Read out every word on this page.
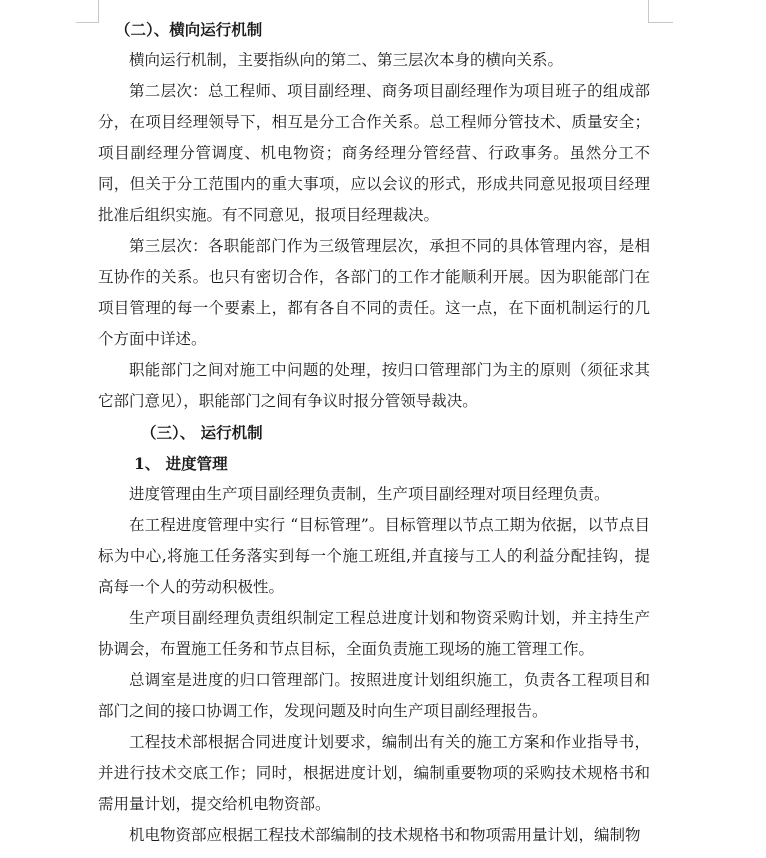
（二）、横向运行机制

横向运行机制，主要指纵向的第二、第三层次本身的横向关系。

第二层次：总工程师、项目副经理、商务项目副经理作为项目班子的组成部分，在项目经理领导下，相互是分工合作关系。总工程师分管技术、质量安全；项目副经理分管调度、机电物资；商务经理分管经营、行政事务。虽然分工不同，但关于分工范围内的重大事项，应以会议的形式，形成共同意见报项目经理批准后组织实施。有不同意见，报项目经理裁决。

第三层次：各职能部门作为三级管理层次，承担不同的具体管理内容，是相互协作的关系。也只有密切合作，各部门的工作才能顺利开展。因为职能部门在项目管理的每一个要素上，都有各自不同的责任。这一点，在下面机制运行的几个方面中详述。

职能部门之间对施工中问题的处理，按归口管理部门为主的原则（须征求其它部门意见），职能部门之间有争议时报分管领导裁决。

（三）、 运行机制

1、 进度管理

进度管理由生产项目副经理负责制，生产项目副经理对项目经理负责。

在工程进度管理中实行 “目标管理”。目标管理以节点工期为依据，以节点目标为中心,将施工任务落实到每一个施工班组,并直接与工人的利益分配挂钩，提高每一个人的劳动积极性。

生产项目副经理负责组织制定工程总进度计划和物资采购计划，并主持生产协调会，布置施工任务和节点目标，全面负责施工现场的施工管理工作。

总调室是进度的归口管理部门。按照进度计划组织施工，负责各工程项目和部门之间的接口协调工作，发现问题及时向生产项目副经理报告。

工程技术部根据合同进度计划要求，编制出有关的施工方案和作业指导书，并进行技术交底工作；同时，根据进度计划，编制重要物项的采购技术规格书和需用量计划，提交给机电物资部。

机电物资部应根据工程技术部编制的技术规格书和物项需用量计划，编制物
